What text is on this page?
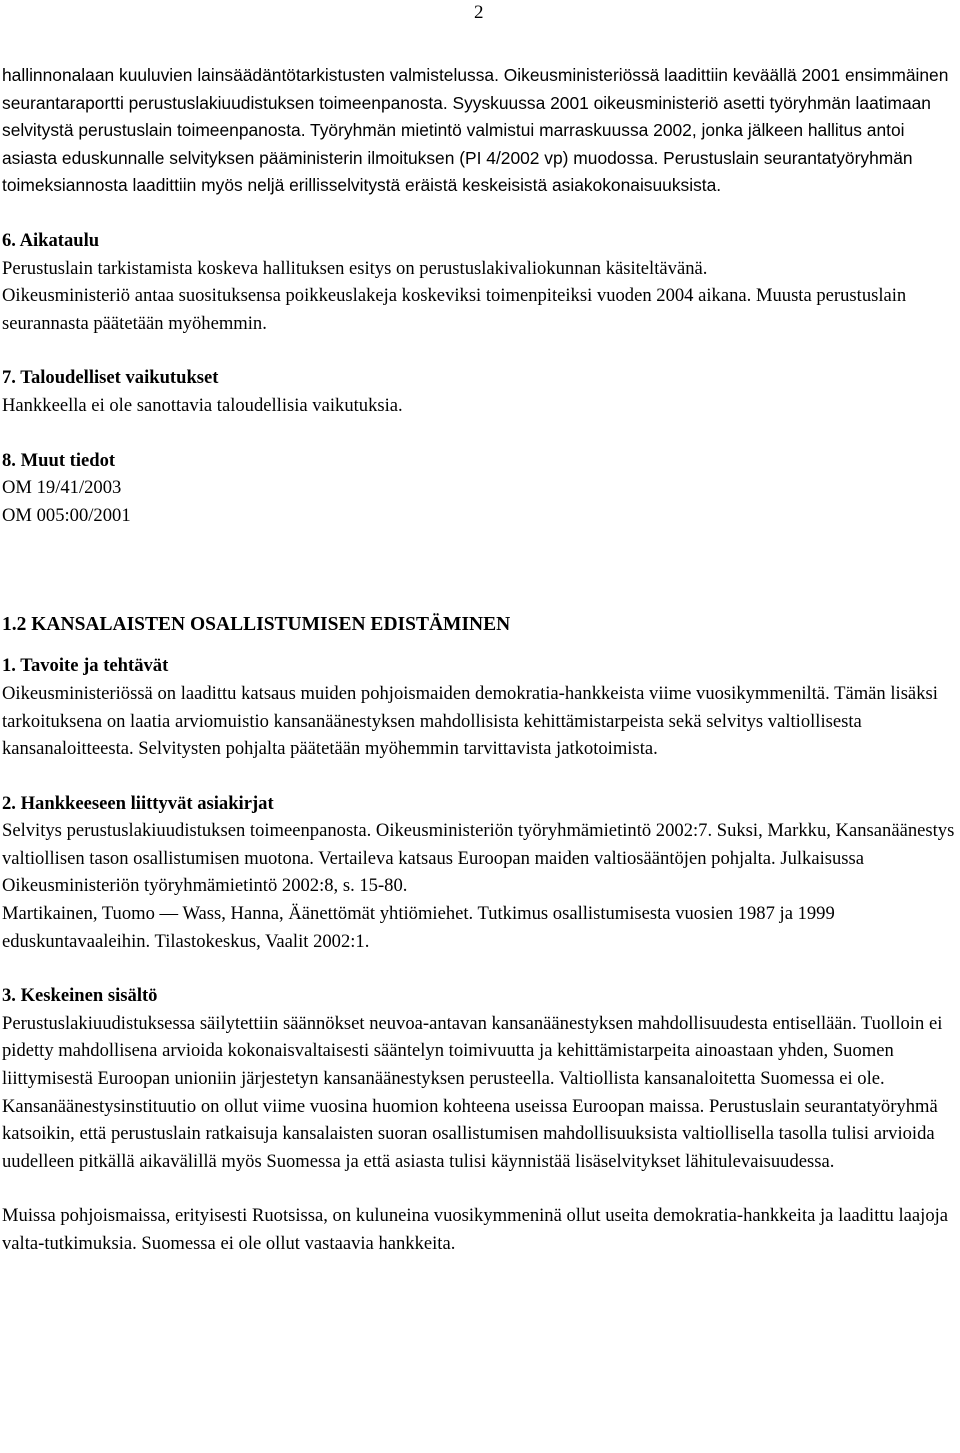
2

hallinnonalaan kuuluvien lainsäädäntötarkistusten valmistelussa. Oikeusministeriössä laadittiin keväällä 2001 ensimmäinen seurantaraportti perustuslakiuudistuksen toimeenpanosta. Syyskuussa 2001 oikeusministeriö asetti työryhmän laatimaan selvitystä perustuslain toimeenpanosta. Työryhmän mietintö valmistui marraskuussa 2002, jonka jälkeen hallitus antoi asiasta eduskunnalle selvityksen pääministerin ilmoituksen (PI 4/2002 vp) muodossa. Perustuslain seurantatyöryhmän toimeksiannosta laadittiin myös neljä erillisselvitystä eräistä keskeisistä asiakokonaisuuksista.

6. Aikataulu

Perustuslain tarkistamista koskeva hallituksen esitys on perustuslakivaliokunnan käsiteltävänä.

Oikeusministeriö antaa suosituksensa poikkeuslakeja koskeviksi toimenpiteiksi vuoden 2004 aikana. Muusta perustuslain seurannasta päätetään myöhemmin.

7. Taloudelliset vaikutukset

Hankkeella ei ole sanottavia taloudellisia vaikutuksia.

8. Muut tiedot

OM 19/41/2003

OM 005:00/2001

1.2 KANSALAISTEN OSALLISTUMISEN EDISTÄMINEN
1. Tavoite ja tehtävät

Oikeusministeriössä on laadittu katsaus muiden pohjoismaiden demokratia-hankkeista viime vuosikymmeniltä. Tämän lisäksi tarkoituksena on laatia arviomuistio kansanäänestyksen mahdollisista kehittämistarpeista sekä selvitys valtiollisesta kansanaloitteesta. Selvitysten pohjalta päätetään myöhemmin tarvittavista jatkotoimista.

2. Hankkeeseen liittyvät asiakirjat

Selvitys perustuslakiuudistuksen toimeenpanosta. Oikeusministeriön työryhmämietintö 2002:7. Suksi, Markku, Kansanäänestys valtiollisen tason osallistumisen muotona. Vertaileva katsaus Euroopan maiden valtiosääntöjen pohjalta. Julkaisussa Oikeusministeriön työryhmämietintö 2002:8, s. 15-80.

Martikainen, Tuomo — Wass, Hanna, Äänettömät yhtiömiehet. Tutkimus osallistumisesta vuosien 1987 ja 1999 eduskuntavaaleihin. Tilastokeskus, Vaalit 2002:1.

3. Keskeinen sisältö

Perustuslakiuudistuksessa säilytettiin säännökset neuvoa-antavan kansanäänestyksen mahdollisuudesta entisellään. Tuolloin ei pidetty mahdollisena arvioida kokonaisvaltaisesti sääntelyn toimivuutta ja kehittämistarpeita ainoastaan yhden, Suomen liittymisestä Euroopan unioniin järjestetyn kansanäänestyksen perusteella. Valtiollista kansanaloitetta Suomessa ei ole. Kansanäänestysinstituutio on ollut viime vuosina huomion kohteena useissa Euroopan maissa. Perustuslain seurantatyöryhmä katsoikin, että perustuslain ratkaisuja kansalaisten suoran osallistumisen mahdollisuuksista valtiollisella tasolla tulisi arvioida uudelleen pitkällä aikavälillä myös Suomessa ja että asiasta tulisi käynnistää lisäselvitykset lähitulevaisuudessa.

Muissa pohjoismaissa, erityisesti Ruotsissa, on kuluneina vuosikymmeninä ollut useita demokratia-hankkeita ja laadittu laajoja valta-tutkimuksia. Suomessa ei ole ollut vastaavia hankkeita.
